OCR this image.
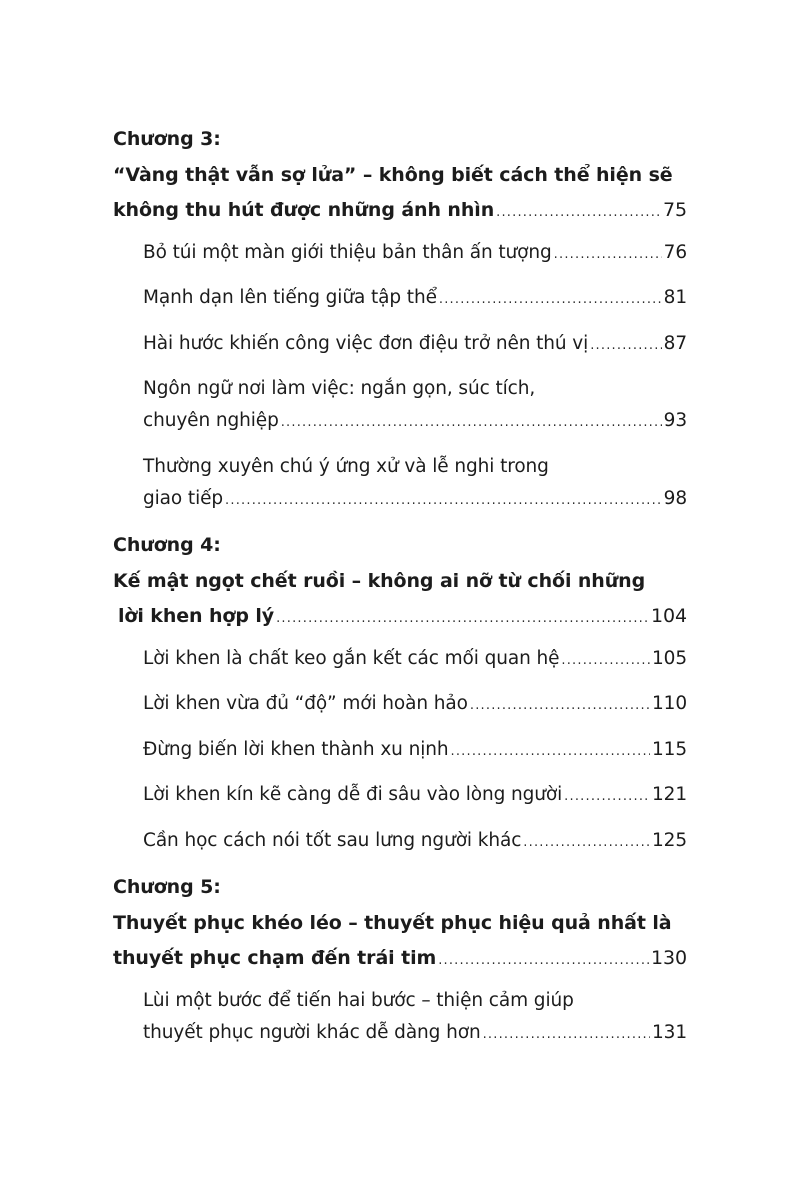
Chương 3:
“Vàng thật vẫn sợ lửa” – không biết cách thể hiện sẽ
không thu hút được những ánh nhìn .....	75
Bỏ túi một màn giới thiệu bản thân ấn tượng .....	76
Mạnh dạn lên tiếng giữa tập thể .....	81
Hài hước khiến công việc đơn điệu trở nên thú vị .....	87
Ngôn ngữ nơi làm việc: ngắn gọn, súc tích,
chuyên nghiệp .....	93
Thường xuyên chú ý ứng xử và lễ nghi trong
giao tiếp .....	98
Chương 4:
Kế mật ngọt chết ruồi – không ai nỡ từ chối những
lời khen hợp lý .....	104
Lời khen là chất keo gắn kết các mối quan hệ .....	105
Lời khen vừa đủ “độ” mới hoàn hảo .....	110
Đừng biến lời khen thành xu nịnh .....	115
Lời khen kín kẽ càng dễ đi sâu vào lòng người .....	121
Cần học cách nói tốt sau lưng người khác .....	125
Chương 5:
Thuyết phục khéo léo – thuyết phục hiệu quả nhất là
thuyết phục chạm đến trái tim .....	130
Lùi một bước để tiến hai bước – thiện cảm giúp
thuyết phục người khác dễ dàng hơn .....	131
